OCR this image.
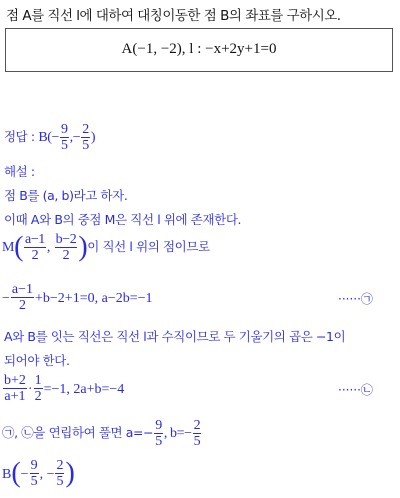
점 A를 직선 l에 대하여 대칭이동한 점 B의 좌표를 구하시오.
A(−1, −2), l : −x+2y+1=0
정답 : $B(- \frac{9}{5}$ ,− $\frac{2}{5}$ )
해설 :
점 B를 (a, b)라고 하자.
이때 A와 B의 중점 M은 직선 l 위에 존재한다.
$M( \frac{a-1}{2}$ , $\frac{b-2}{2}$ )이 직선 l 위의 점이므로
− $\frac{a-1}{2} +b-2+1=0$, a−2b=−1	······㉠
A와 B를 잇는 직선은 직선 l과 수직이므로 두 기울기의 곱은 −1이
되어야 한다.
$\frac{b+2}{a+1} \cdot \frac{1}{2} =-1$, 2a+b=−4	······㉡
㉠, ㉡을 연립하여 풀면 $a=- \frac{9}{5}$ , $b=- \frac{2}{5}$
$B(- \frac{9}{5}$ , − $\frac{2}{5}$ )
